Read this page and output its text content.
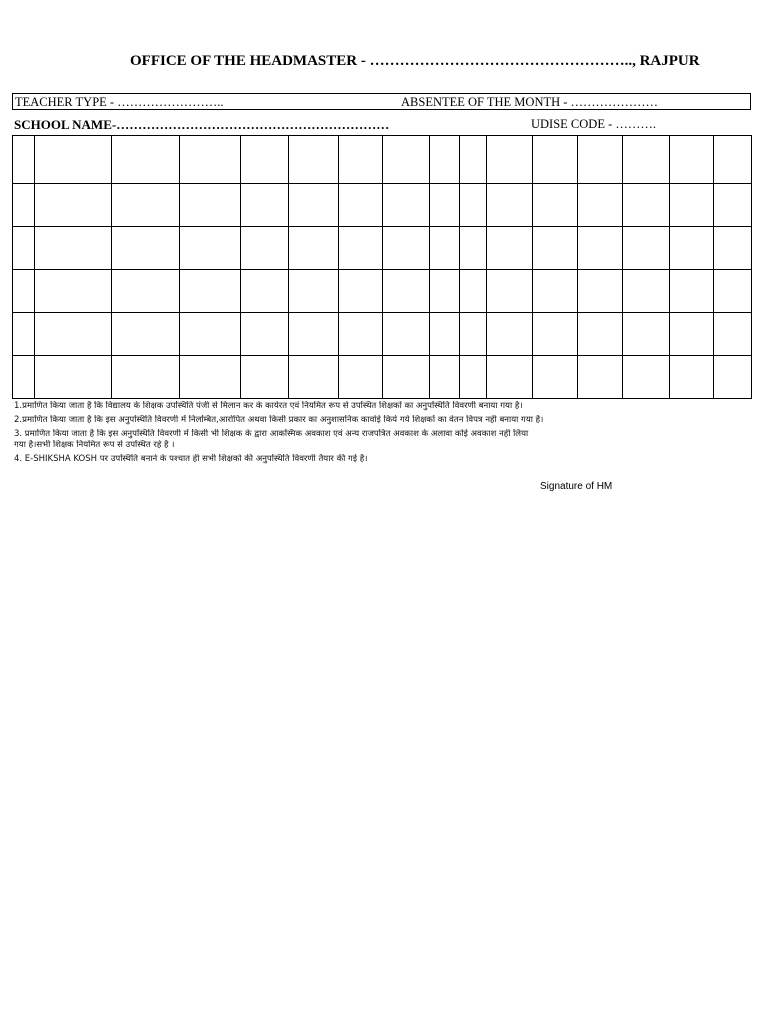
OFFICE OF THE HEADMASTER - …………………………………………….., RAJPUR
TEACHER TYPE - ……………………..	ABSENTEE OF THE MONTH - …………………
SCHOOL NAME-………………………………………………………	UDISE CODE - ……….

1.प्रमाणित किया जाता है कि विद्यालय के शिक्षक उपस्थिति पंजी से मिलान कर के कार्यरत एवं नियमित रूप से उपस्थित शिक्षकों का अनुपस्थिति विवरणी बनाया गया है।
2.प्रमाणित किया जाता है कि इस अनुपस्थिति विवरणी में निलम्बित,आरोपित अथवा किसी प्रकार का अनुशासनिक कार्वाई किये गये शिक्षकों का वेतन विपत्र नही बनाया गया है।
3. प्रमाणित किया जाता है कि इस अनुपस्थिति विवरणी में किसी भी शिक्षक के द्वारा आकस्मिक अवकाश एवं अन्य राजपत्रित अवकाश के अलावा कोई अवकाश नही लिया
गया है।सभी शिक्षक नियमित रूप से उपस्थित रहे है ।
4. E-SHIKSHA KOSH पर उपस्थिति बनाने के पश्चात ही सभी शिक्षको की अनुपस्थिति विवरणी तैयार की गई है।
Signature of HM
